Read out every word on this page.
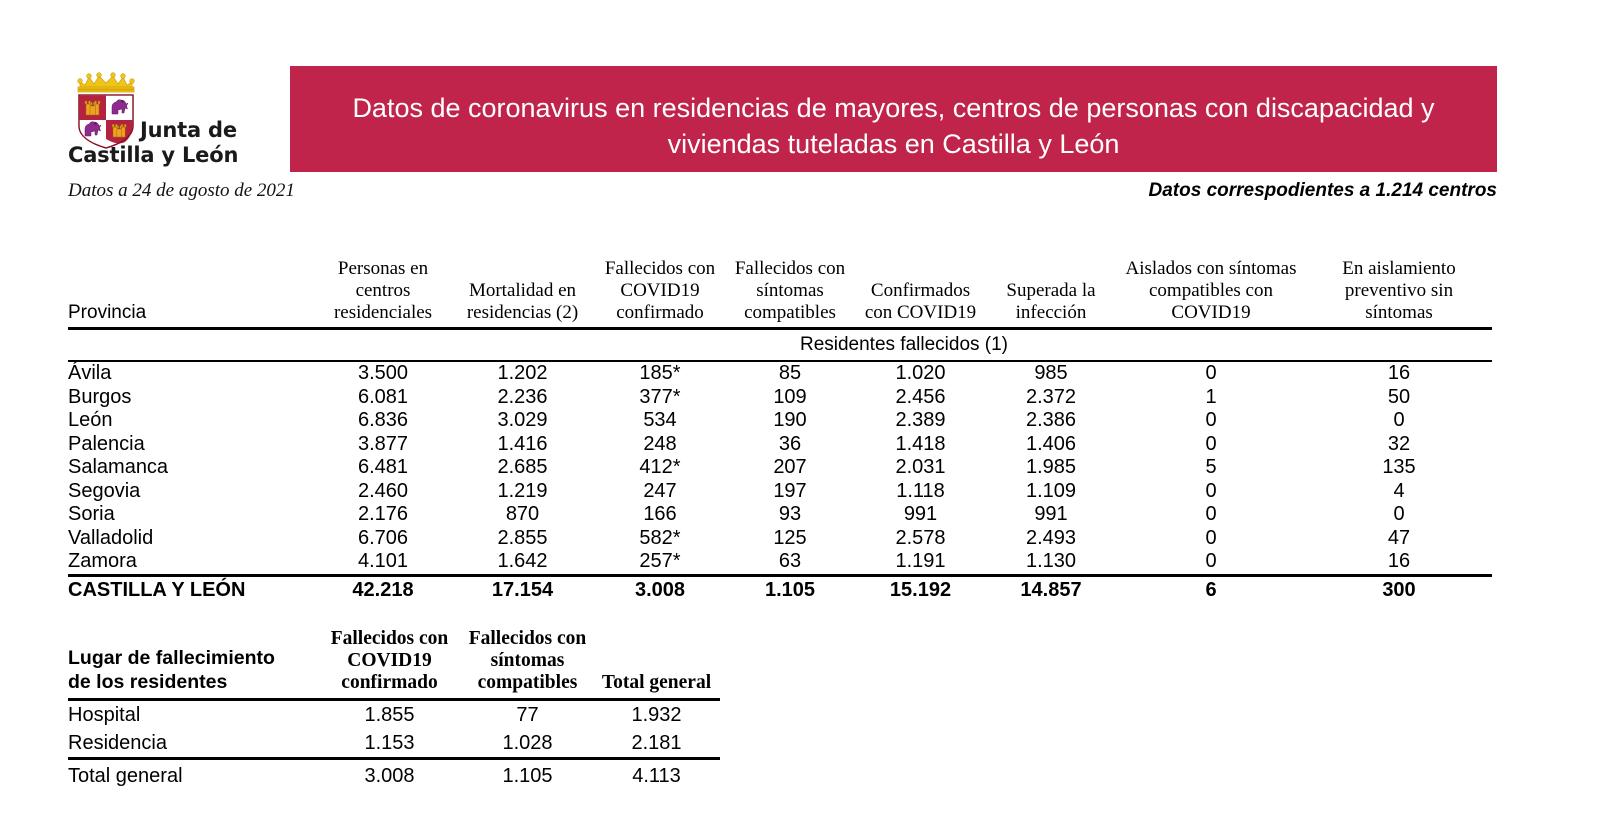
Junta de
Castilla y León
Datos a 24 de agosto de 2021
Datos de coronavirus en residencias de mayores, centros de personas con discapacidad y viviendas tuteladas en Castilla y León
Datos correspodientes a 1.214 centros
Provincia

Personas en
centros
residenciales

Mortalidad en
residencias (2)

Fallecidos con
COVID19
confirmado

Fallecidos con
síntomas
compatibles

Confirmados
con COVID19

Superada la
infección

Aislados con síntomas
compatibles con
COVID19

En aislamiento
preventivo sin
síntomas

	Residentes fallecidos (1)							
Ávila	3.500	1.202	185*	85	1.020	985	0	16
Burgos	6.081	2.236	377*	109	2.456	2.372	1	50
León	6.836	3.029	534	190	2.389	2.386	0	0
Palencia	3.877	1.416	248	36	1.418	1.406	0	32
Salamanca	6.481	2.685	412*	207	2.031	1.985	5	135
Segovia	2.460	1.219	247	197	1.118	1.109	0	4
Soria	2.176	870	166	93	991	991	0	0
Valladolid	6.706	2.855	582*	125	2.578	2.493	0	47
Zamora	4.101	1.642	257*	63	1.191	1.130	0	16
CASTILLA Y LEÓN	42.218	17.154	3.008	1.105	15.192	14.857	6	300
Lugar de fallecimiento
de los residentes

Fallecidos con
COVID19
confirmado

Fallecidos con
síntomas
compatibles	Total general

Hospital	1.855	77	1.932
Residencia	1.153	1.028	2.181
Total general	3.008	1.105	4.113
